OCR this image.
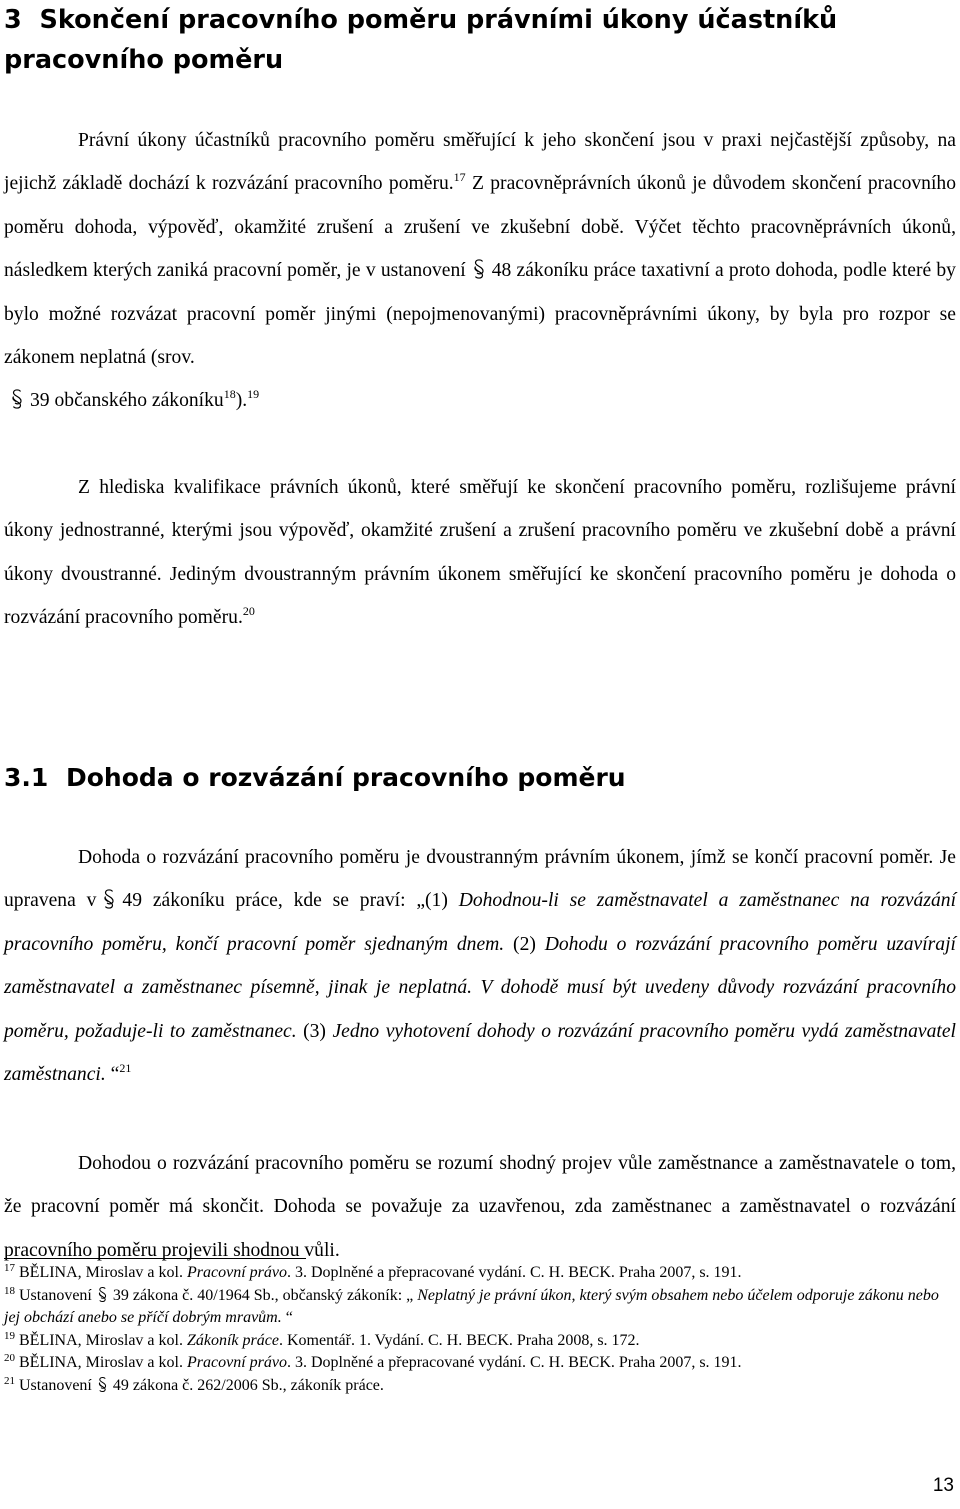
3 Skončení pracovního poměru právními úkony účastníků pracovního poměru

Právní úkony účastníků pracovního poměru směřující k jeho skončení jsou v praxi nejčastější způsoby, na jejichž základě dochází k rozvázání pracovního poměru.$^{17}$ Z pracovněprávních úkonů je důvodem skončení pracovního poměru dohoda, výpověď, okamžité zrušení a zrušení ve zkušební době. Výčet těchto pracovněprávních úkonů, následkem kterých zaniká pracovní poměr, je v ustanovení 48 zákoníku práce taxativní a proto dohoda, podle které by bylo možné rozvázat pracovní poměr jinými (nepojmenovanými) pracovněprávními úkony, by byla pro rozpor se zákonem neplatná (srov.

39 občanského zákoníku$^{18}$).$^{19}$

Z hlediska kvalifikace právních úkonů, které směřují ke skončení pracovního poměru, rozlišujeme právní úkony jednostranné, kterými jsou výpověď, okamžité zrušení a zrušení pracovního poměru ve zkušební době a právní úkony dvoustranné. Jediným dvoustranným právním úkonem směřující ke skončení pracovního poměru je dohoda o rozvázání pracovního poměru.$^{20}$

3.1 Dohoda o rozvázání pracovního poměru

Dohoda o rozvázání pracovního poměru je dvoustranným právním úkonem, jímž se končí pracovní poměr. Je upravena v 49 zákoníku práce, kde se praví: „(1) Dohodnou-li se zaměstnavatel a zaměstnanec na rozvázání pracovního poměru, končí pracovní poměr sjednaným dnem. (2) Dohodu o rozvázání pracovního poměru uzavírají zaměstnavatel a zaměstnanec písemně, jinak je neplatná. V dohodě musí být uvedeny důvody rozvázání pracovního poměru, požaduje-li to zaměstnanec. (3) Jedno vyhotovení dohody o rozvázání pracovního poměru vydá zaměstnavatel zaměstnanci. “$^{21}$

Dohodou o rozvázání pracovního poměru se rozumí shodný projev vůle zaměstnance a zaměstnavatele o tom, že pracovní poměr má skončit. Dohoda se považuje za uzavřenou, zda zaměstnanec a zaměstnavatel o rozvázání pracovního poměru projevili shodnou vůli.

$^{17}$ BĚLINA, Miroslav a kol. Pracovní právo. 3. Doplněné a přepracované vydání. C. H. BECK. Praha 2007, s. 191.

$^{18}$ Ustanovení 39 zákona č. 40/1964 Sb., občanský zákoník: „ Neplatný je právní úkon, který svým obsahem nebo účelem odporuje zákonu nebo jej obchází anebo se příčí dobrým mravům. “

$^{19}$ BĚLINA, Miroslav a kol. Zákoník práce. Komentář. 1. Vydání. C. H. BECK. Praha 2008, s. 172.

$^{20}$ BĚLINA, Miroslav a kol. Pracovní právo. 3. Doplněné a přepracované vydání. C. H. BECK. Praha 2007, s. 191.

$^{21}$ Ustanovení 49 zákona č. 262/2006 Sb., zákoník práce.

13
